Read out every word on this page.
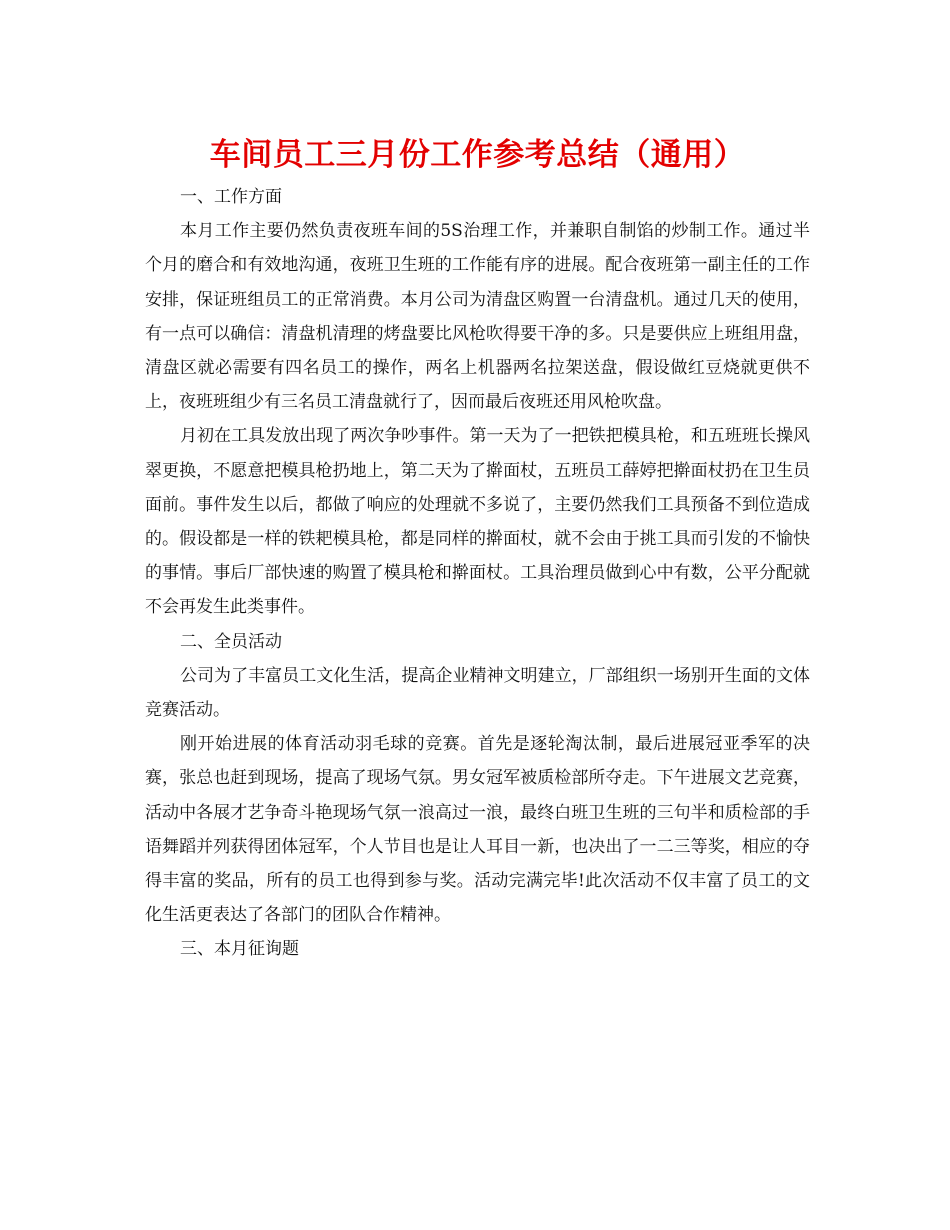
车间员工三月份工作参考总结（通用）

一、工作方面

本月工作主要仍然负责夜班车间的5S治理工作，并兼职自制馅的炒制工作。通过半个月的磨合和有效地沟通，夜班卫生班的工作能有序的进展。配合夜班第一副主任的工作安排，保证班组员工的正常消费。本月公司为清盘区购置一台清盘机。通过几天的使用，有一点可以确信：清盘机清理的烤盘要比风枪吹得要干净的多。只是要供应上班组用盘，清盘区就必需要有四名员工的操作，两名上机器两名拉架送盘，假设做红豆烧就更供不上，夜班班组少有三名员工清盘就行了，因而最后夜班还用风枪吹盘。

月初在工具发放出现了两次争吵事件。第一天为了一把铁把模具枪，和五班班长操风翠更换，不愿意把模具枪扔地上，第二天为了擀面杖，五班员工薛婷把擀面杖扔在卫生员面前。事件发生以后，都做了响应的处理就不多说了，主要仍然我们工具预备不到位造成的。假设都是一样的铁耙模具枪，都是同样的擀面杖，就不会由于挑工具而引发的不愉快的事情。事后厂部快速的购置了模具枪和擀面杖。工具治理员做到心中有数，公平分配就不会再发生此类事件。

二、全员活动

公司为了丰富员工文化生活，提高企业精神文明建立，厂部组织一场别开生面的文体竞赛活动。

刚开始进展的体育活动羽毛球的竞赛。首先是逐轮淘汰制，最后进展冠亚季军的决赛，张总也赶到现场，提高了现场气氛。男女冠军被质检部所夺走。下午进展文艺竞赛，活动中各展才艺争奇斗艳现场气氛一浪高过一浪，最终白班卫生班的三句半和质检部的手语舞蹈并列获得团体冠军，个人节目也是让人耳目一新，也决出了一二三等奖，相应的夺得丰富的奖品，所有的员工也得到参与奖。活动完满完毕!此次活动不仅丰富了员工的文化生活更表达了各部门的团队合作精神。

三、本月征询题
